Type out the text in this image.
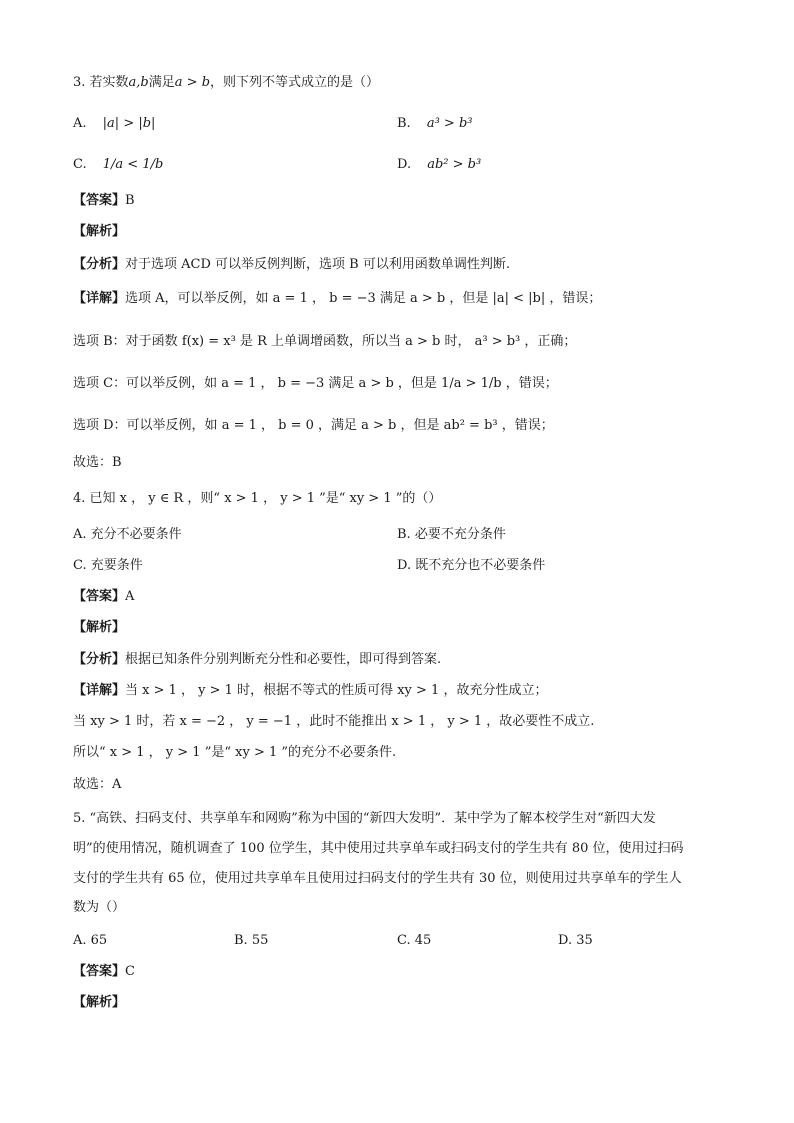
3. 若实数a,b满足a > b，则下列不等式成立的是（）
A. |a| > |b|	B. a³ > b³
C. 1/a < 1/b	D. ab² > b³
【答案】B
【解析】
【分析】对于选项 ACD 可以举反例判断，选项 B 可以利用函数单调性判断.
【详解】选项 A，可以举反例，如 a = 1 ， b = −3 满足 a > b ，但是 |a| < |b| ，错误；
选项 B：对于函数 f(x) = x³ 是 R 上单调增函数，所以当 a > b 时， a³ > b³ ，正确；
选项 C：可以举反例，如 a = 1 ， b = −3 满足 a > b ，但是 1/a > 1/b ，错误；
选项 D：可以举反例，如 a = 1 ， b = 0 ，满足 a > b ，但是 ab² = b³ ，错误；
故选：B
4. 已知 x ， y ∈ R ，则“ x > 1 ， y > 1 ”是“ xy > 1 ”的（）
A. 充分不必要条件	B. 必要不充分条件
C. 充要条件	D. 既不充分也不必要条件
【答案】A
【解析】
【分析】根据已知条件分别判断充分性和必要性，即可得到答案.
【详解】当 x > 1 ， y > 1 时，根据不等式的性质可得 xy > 1 ，故充分性成立；
当 xy > 1 时，若 x = −2 ， y = −1 ，此时不能推出 x > 1 ， y > 1 ，故必要性不成立.
所以“ x > 1 ， y > 1 ”是“ xy > 1 ”的充分不必要条件.
故选：A
5. “高铁、扫码支付、共享单车和网购”称为中国的“新四大发明”．某中学为了解本校学生对“新四大发
明”的使用情况，随机调查了 100 位学生，其中使用过共享单车或扫码支付的学生共有 80 位，使用过扫码
支付的学生共有 65 位，使用过共享单车且使用过扫码支付的学生共有 30 位，则使用过共享单车的学生人
数为（）
A. 65	B. 55	C. 45	D. 35
【答案】C
【解析】
